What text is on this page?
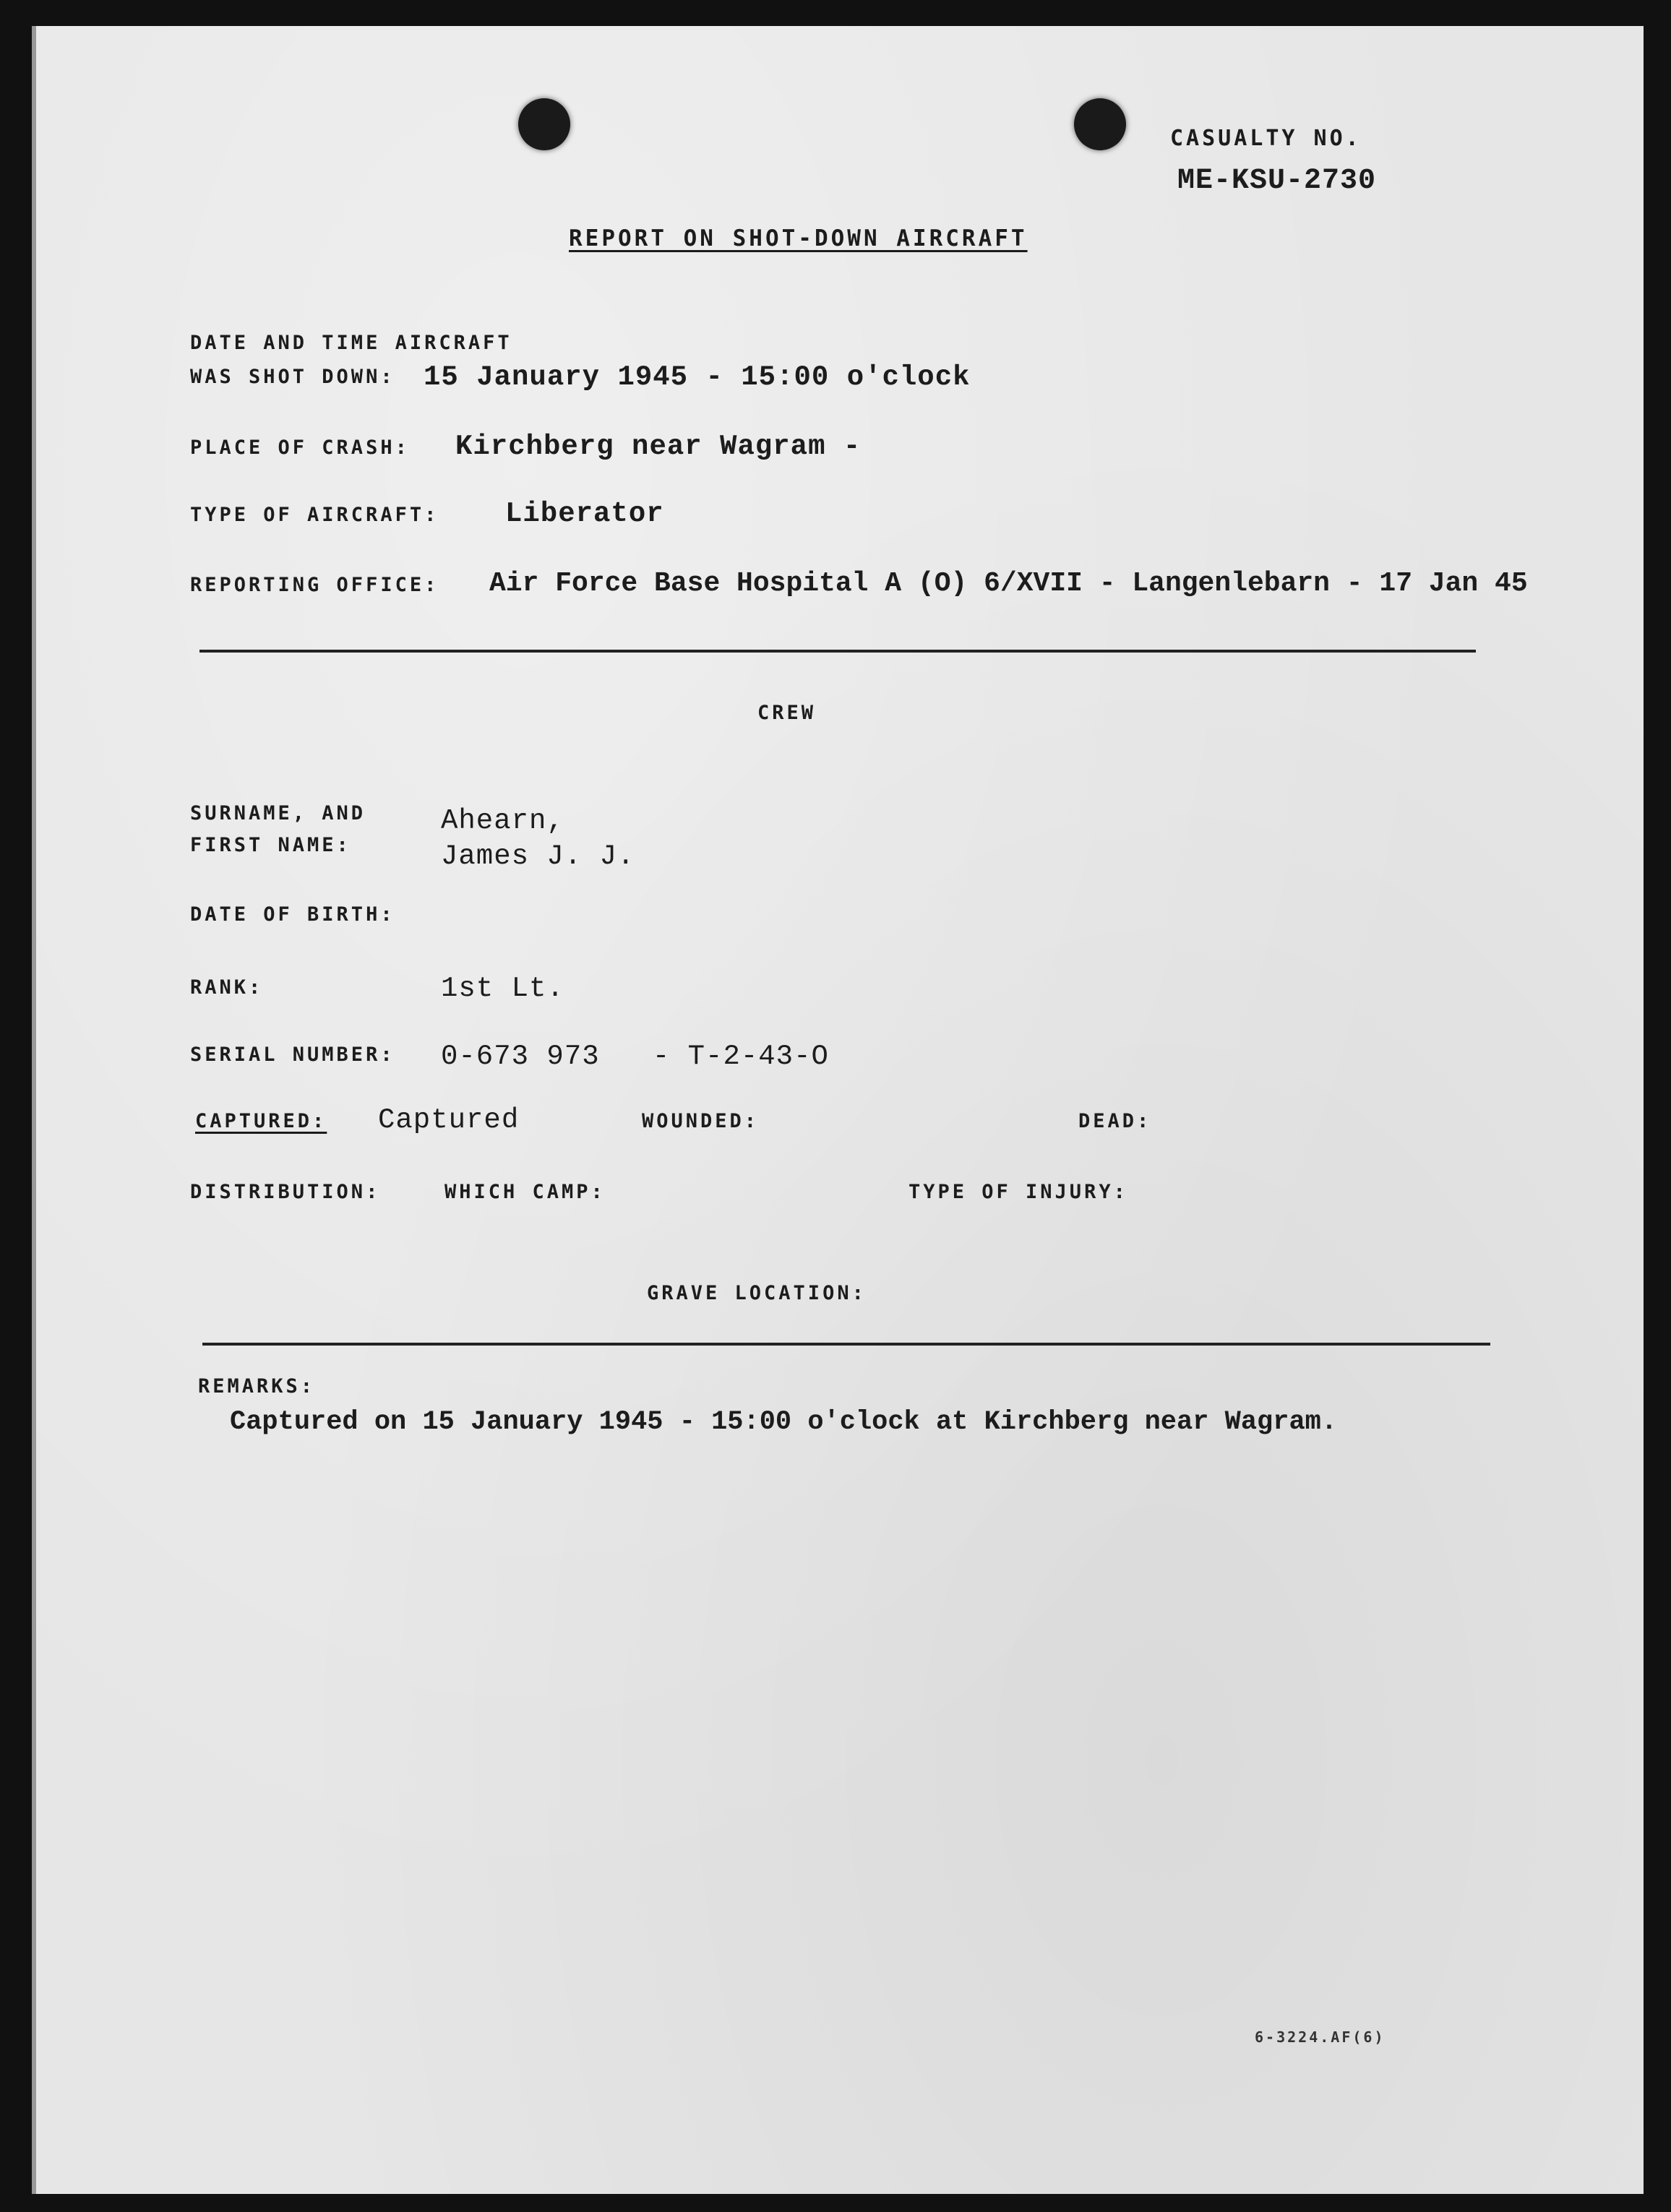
CASUALTY NO.
ME-KSU-2730
REPORT ON SHOT-DOWN AIRCRAFT
DATE AND TIME AIRCRAFT
WAS SHOT DOWN: 15 January 1945 - 15:00 o'clock
PLACE OF CRASH: Kirchberg near Wagram -
TYPE OF AIRCRAFT: Liberator
REPORTING OFFICE: Air Force Base Hospital A (O) 6/XVII - Langenlebarn - 17 Jan 45
CREW
SURNAME, AND
FIRST NAME:
Ahearn,
James J. J.
DATE OF BIRTH:
RANK:	1st Lt.
SERIAL NUMBER: 0-673 973   - T-2-43-O
CAPTURED: Captured	WOUNDED:	DEAD:
DISTRIBUTION:	WHICH CAMP:	TYPE OF INJURY:
GRAVE LOCATION:
REMARKS:
Captured on 15 January 1945 - 15:00 o'clock at Kirchberg near Wagram.
6-3224.AF(6)
